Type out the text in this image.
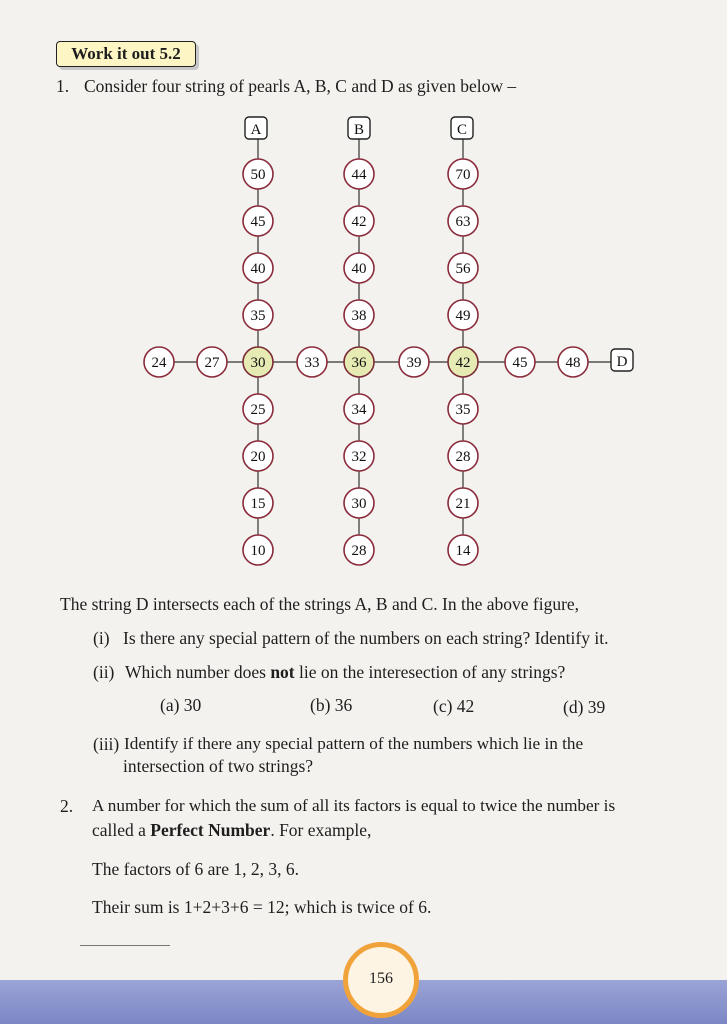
Work it out 5.2
1. Consider four string of pearls A, B, C and D as given below –
A	B	C
D
50
45
40
35
30
25
20
15
10
44
42
40
38
36
34
32
30
28
70
63
56
49
42
35
28
21
14
24	27	33	39	45	48
The string D intersects each of the strings A, B and C. In the above figure,
(i) Is there any special pattern of the numbers on each string? Identify it.
(ii) Which number does not lie on the interesection of any strings?
(a) 30	(b) 36	(c) 42	(d) 39
(iii) Identify if there any special pattern of the numbers which lie in the
intersection of two strings?
2. A number for which the sum of all its factors is equal to twice the number is
called a Perfect Number. For example,
The factors of 6 are 1, 2, 3, 6.
Their sum is 1+2+3+6 = 12; which is twice of 6.
156
